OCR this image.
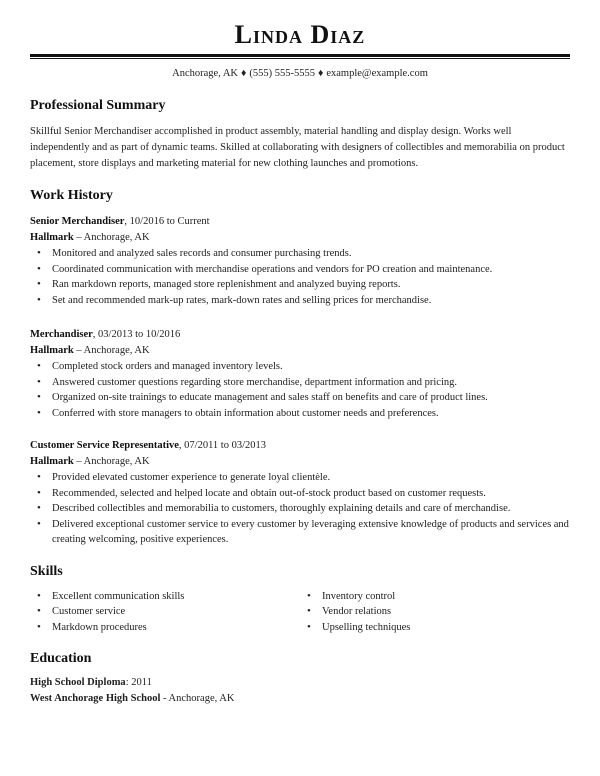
Linda Diaz
Anchorage, AK ♦ (555) 555-5555 ♦ example@example.com
Professional Summary

Skillful Senior Merchandiser accomplished in product assembly, material handling and display design. Works well independently and as part of dynamic teams. Skilled at collaborating with designers of collectibles and memorabilia on product placement, store displays and marketing material for new clothing launches and promotions.

Work History
Senior Merchandiser, 10/2016 to Current
Hallmark – Anchorage, AK
• Monitored and analyzed sales records and consumer purchasing trends.
• Coordinated communication with merchandise operations and vendors for PO creation and maintenance.
• Ran markdown reports, managed store replenishment and analyzed buying reports.
• Set and recommended mark-up rates, mark-down rates and selling prices for merchandise.
Merchandiser, 03/2013 to 10/2016
Hallmark – Anchorage, AK
• Completed stock orders and managed inventory levels.
• Answered customer questions regarding store merchandise, department information and pricing.
• Organized on-site trainings to educate management and sales staff on benefits and care of product lines.
• Conferred with store managers to obtain information about customer needs and preferences.
Customer Service Representative, 07/2011 to 03/2013
Hallmark – Anchorage, AK
• Provided elevated customer experience to generate loyal clientèle.
• Recommended, selected and helped locate and obtain out-of-stock product based on customer requests.
• Described collectibles and memorabilia to customers, thoroughly explaining details and care of merchandise.
• Delivered exceptional customer service to every customer by leveraging extensive knowledge of products and services and creating welcoming, positive experiences.
Skills
• Excellent communication skills
• Customer service
• Markdown procedures
• Inventory control
• Vendor relations
• Upselling techniques
Education
High School Diploma: 2011
West Anchorage High School - Anchorage, AK
